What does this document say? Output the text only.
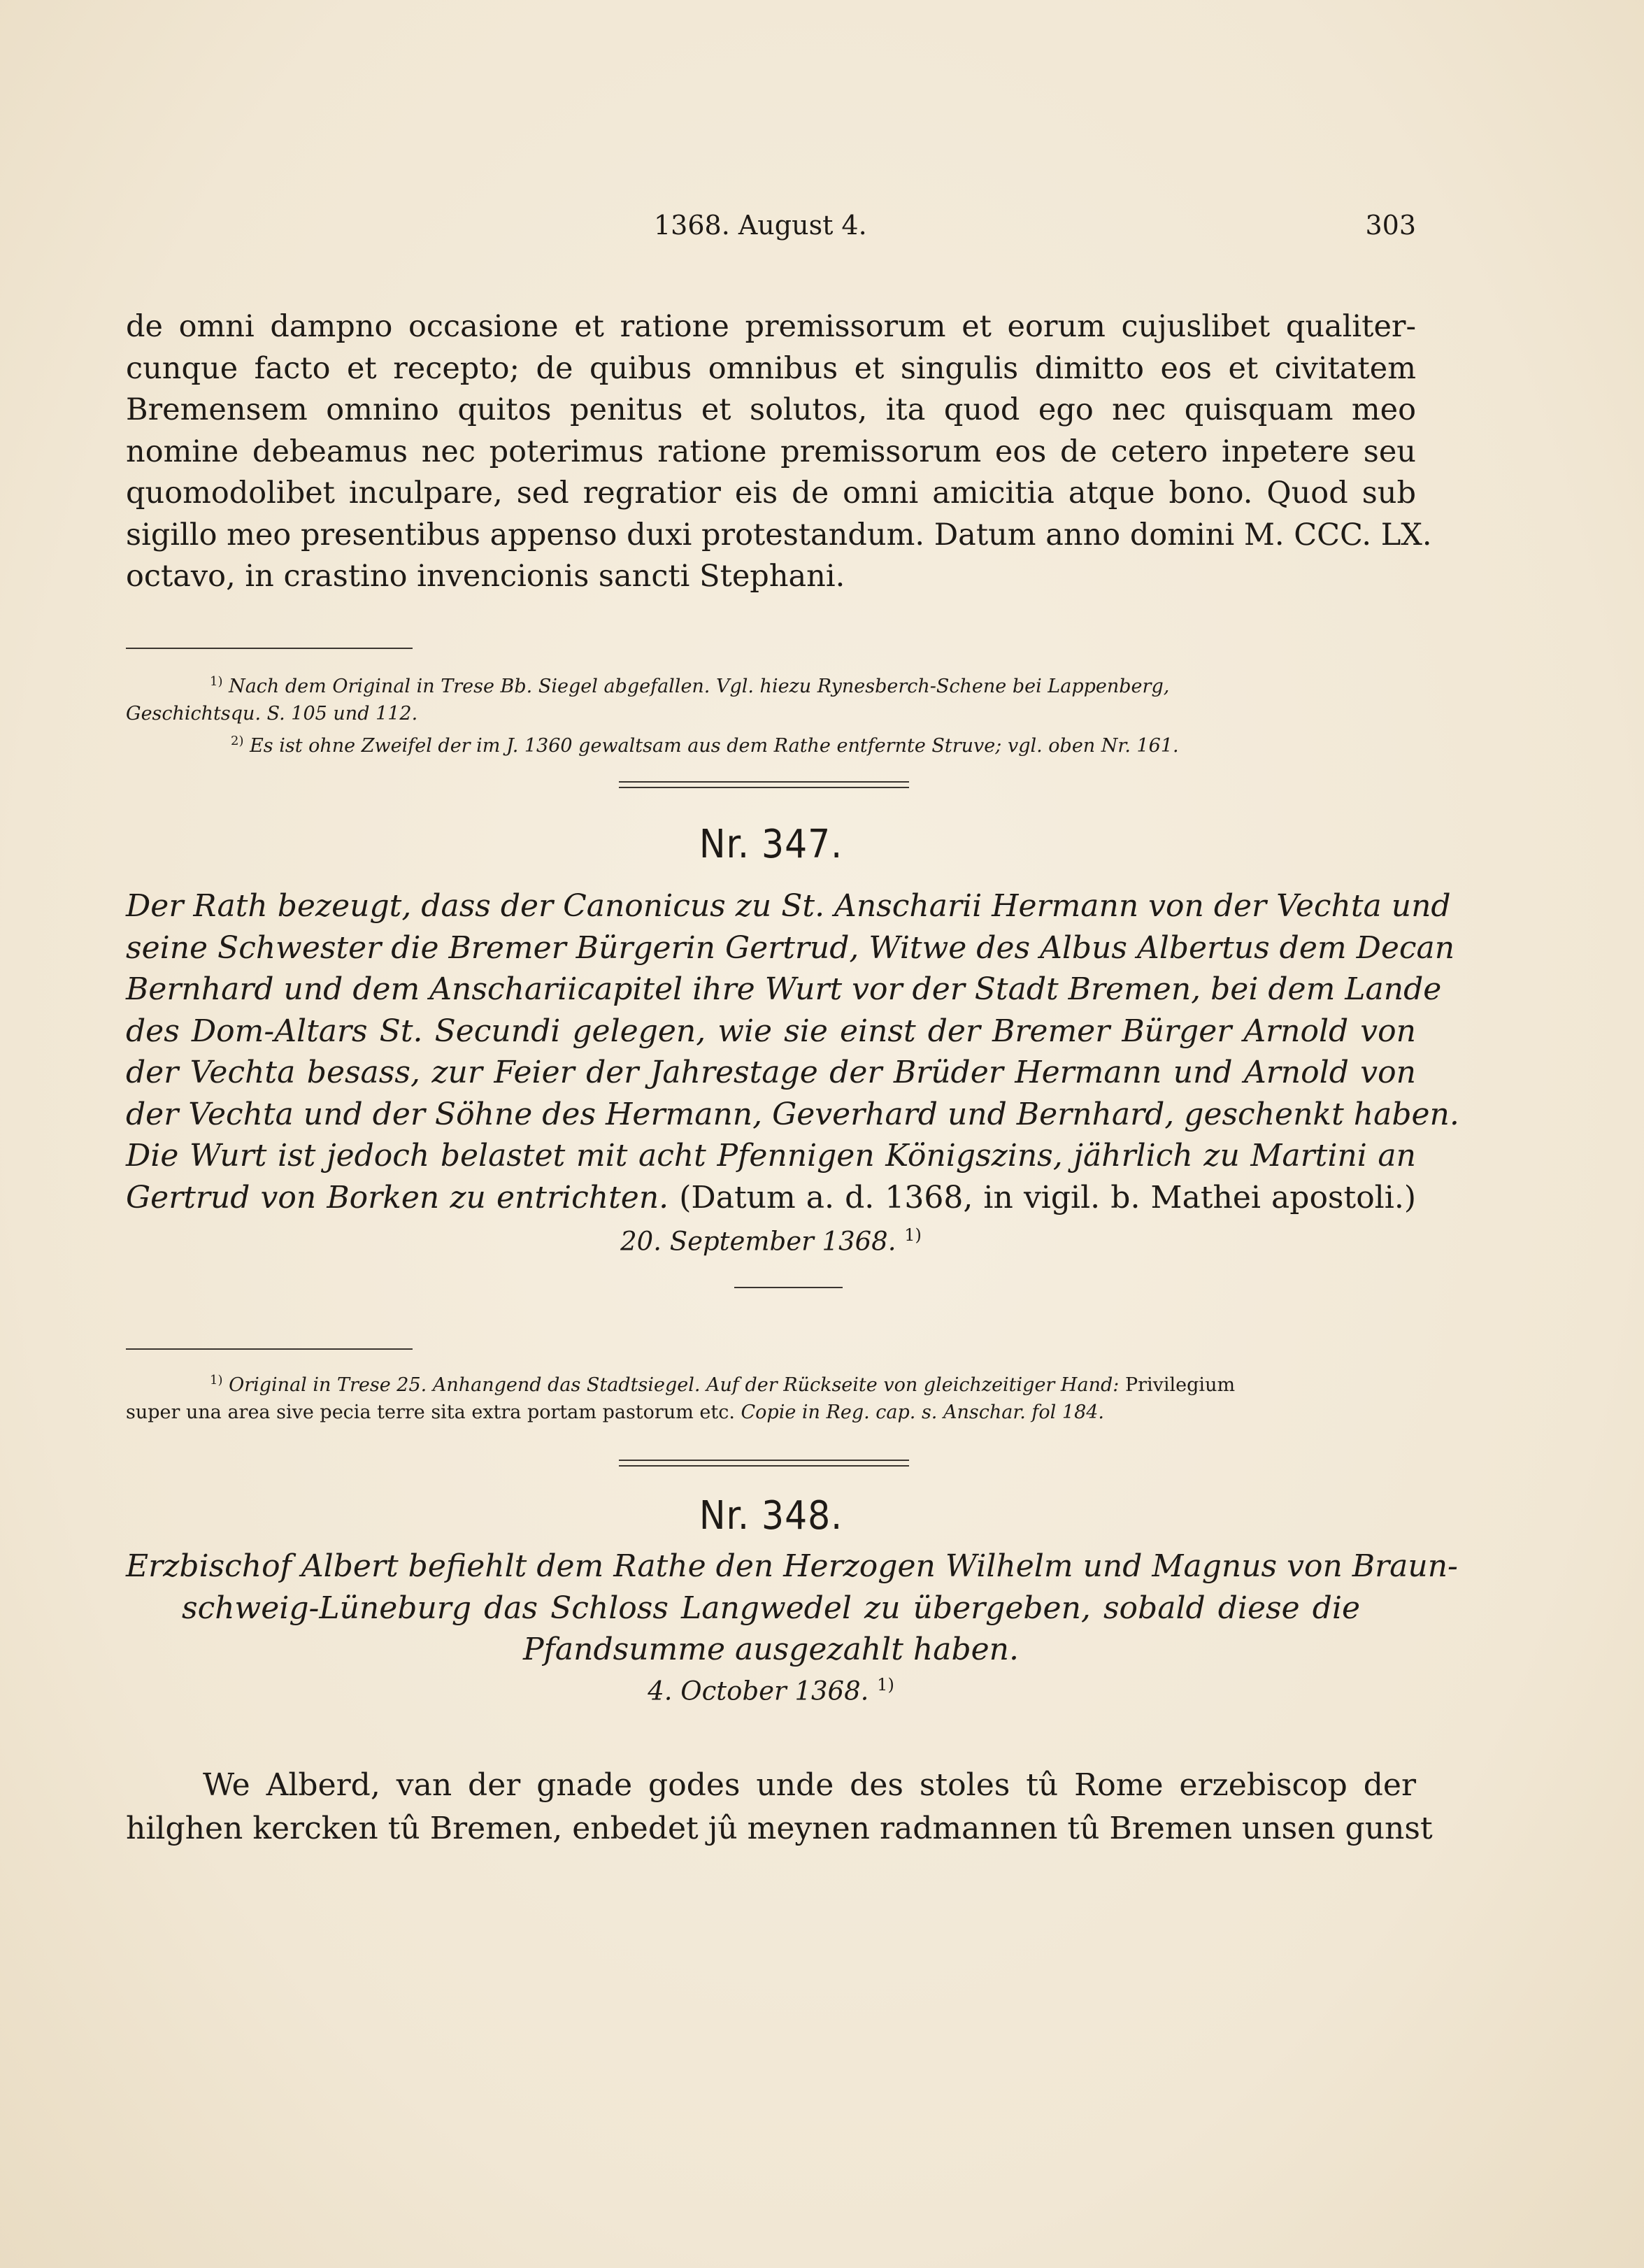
1368. August 4.	303
de omni dampno occasione et ratione premissorum et eorum cujuslibet qualiter-
cunque facto et recepto; de quibus omnibus et singulis dimitto eos et civitatem
Bremensem omnino quitos penitus et solutos, ita quod ego nec quisquam meo
nomine debeamus nec poterimus ratione premissorum eos de cetero inpetere seu
quomodolibet inculpare, sed regratior eis de omni amicitia atque bono. Quod sub
sigillo meo presentibus appenso duxi protestandum. Datum anno domini M. CCC. LX.
octavo, in crastino invencionis sancti Stephani.
$^{1)}$ Nach dem Original in Trese Bb. Siegel abgefallen. Vgl. hiezu Rynesberch-Schene bei Lappenberg,
Geschichtsqu. S. 105 und 112.
$^{2)}$ Es ist ohne Zweifel der im J. 1360 gewaltsam aus dem Rathe entfernte Struve; vgl. oben Nr. 161.
Nr. 347.
Der Rath bezeugt, dass der Canonicus zu St. Anscharii Hermann von der Vechta und
seine Schwester die Bremer Bürgerin Gertrud, Witwe des Albus Albertus dem Decan
Bernhard und dem Anschariicapitel ihre Wurt vor der Stadt Bremen, bei dem Lande
des Dom-Altars St. Secundi gelegen, wie sie einst der Bremer Bürger Arnold von
der Vechta besass, zur Feier der Jahrestage der Brüder Hermann und Arnold von
der Vechta und der Söhne des Hermann, Geverhard und Bernhard, geschenkt haben.
Die Wurt ist jedoch belastet mit acht Pfennigen Königszins, jährlich zu Martini an
Gertrud von Borken zu entrichten. (Datum a. d. 1368, in vigil. b. Mathei apostoli.)
20. September 1368. $^{1)}$
$^{1)}$ Original in Trese 25. Anhangend das Stadtsiegel. Auf der Rückseite von gleichzeitiger Hand: Privilegium
super una area sive pecia terre sita extra portam pastorum etc. Copie in Reg. cap. s. Anschar. fol 184.
Nr. 348.
Erzbischof Albert befiehlt dem Rathe den Herzogen Wilhelm und Magnus von Braun-
schweig-Lüneburg das Schloss Langwedel zu übergeben, sobald diese die
Pfandsumme ausgezahlt haben.
4. October 1368. $^{1)}$
We Alberd, van der gnade godes unde des stoles tû Rome erzebiscop der
hilghen kercken tû Bremen, enbedet jû meynen radmannen tû Bremen unsen gunst
